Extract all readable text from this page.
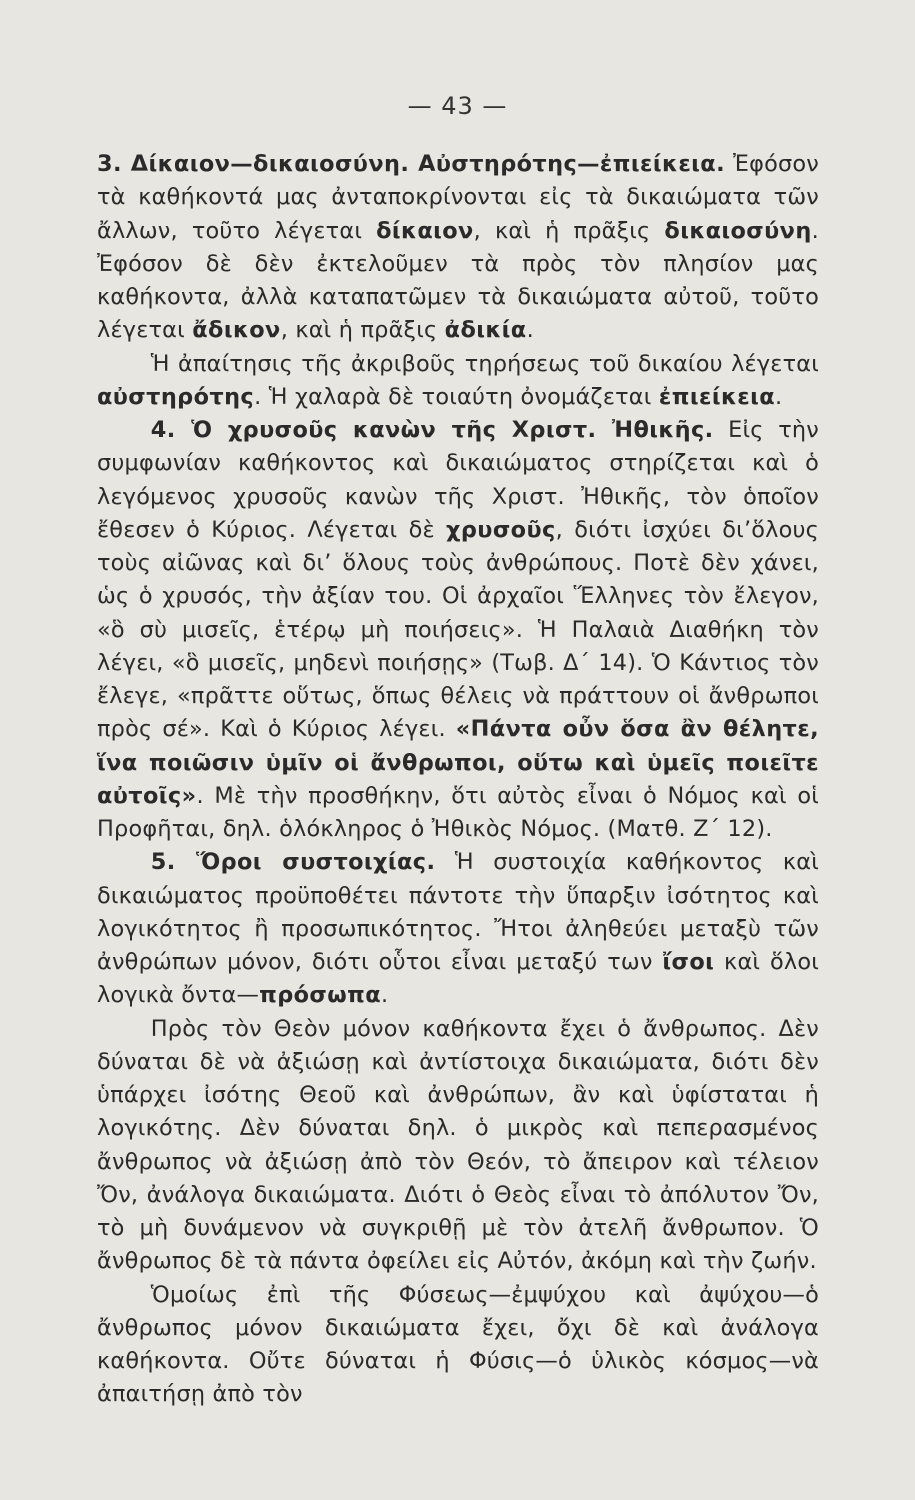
— 43 —

3. Δίκαιον—δικαιοσύνη. Αὐστηρότης—ἐπιείκεια. Ἐφόσον τὰ καθήκοντά μας ἀνταποκρίνονται εἰς τὰ δικαιώματα τῶν ἄλλων, τοῦτο λέγεται δίκαιον, καὶ ἡ πρᾶξις δικαιοσύνη. Ἐφόσον δὲ δὲν ἐκτελοῦμεν τὰ πρὸς τὸν πλησίον μας καθήκοντα, ἀλλὰ καταπατῶμεν τὰ δικαιώματα αὐτοῦ, τοῦτο λέγεται ἄδικον, καὶ ἡ πρᾶξις ἀδικία.

Ἡ ἀπαίτησις τῆς ἀκριβοῦς τηρήσεως τοῦ δικαίου λέγεται αὐστηρότης. Ἡ χαλαρὰ δὲ τοιαύτη ὀνομάζεται ἐπιείκεια.

4. Ὁ χρυσοῦς κανὼν τῆς Χριστ. Ἠθικῆς. Εἰς τὴν συμφωνίαν καθήκοντος καὶ δικαιώματος στηρίζεται καὶ ὁ λεγόμενος χρυσοῦς κανὼν τῆς Χριστ. Ἠθικῆς, τὸν ὁποῖον ἔθεσεν ὁ Κύριος. Λέγεται δὲ χρυσοῦς, διότι ἰσχύει δι’ὅλους τοὺς αἰῶνας καὶ δι’ ὅλους τοὺς ἀνθρώπους. Ποτὲ δὲν χάνει, ὡς ὁ χρυσός, τὴν ἀξίαν του. Οἱ ἀρχαῖοι Ἕλληνες τὸν ἔλεγον, «ὃ σὺ μισεῖς, ἑτέρῳ μὴ ποιήσεις». Ἡ Παλαιὰ Διαθήκη τὸν λέγει, «ὃ μισεῖς, μηδενὶ ποιήσῃς» (Τωβ. Δ΄ 14). Ὁ Κάντιος τὸν ἔλεγε, «πρᾶττε οὕτως, ὅπως θέλεις νὰ πράττουν οἱ ἄνθρωποι πρὸς σέ». Καὶ ὁ Κύριος λέγει. «Πάντα οὖν ὅσα ἂν θέλητε, ἵνα ποιῶσιν ὑμῖν οἱ ἄνθρωποι, οὕτω καὶ ὑμεῖς ποιεῖτε αὐτοῖς». Μὲ τὴν προσθήκην, ὅτι αὐτὸς εἶναι ὁ Νόμος καὶ οἱ Προφῆται, δηλ. ὁλόκληρος ὁ Ἠθικὸς Νόμος. (Ματθ. Ζ΄ 12).

5. Ὅροι συστοιχίας. Ἡ συστοιχία καθήκοντος καὶ δικαιώματος προϋποθέτει πάντοτε τὴν ὕπαρξιν ἰσότητος καὶ λογικότητος ἢ προσωπικότητος. Ἤτοι ἀληθεύει μεταξὺ τῶν ἀνθρώπων μόνον, διότι οὗτοι εἶναι μεταξύ των ἴσοι καὶ ὅλοι λογικὰ ὄντα—πρόσωπα.

Πρὸς τὸν Θεὸν μόνον καθήκοντα ἔχει ὁ ἄνθρωπος. Δὲν δύναται δὲ νὰ ἀξιώσῃ καὶ ἀντίστοιχα δικαιώματα, διότι δὲν ὑπάρχει ἰσότης Θεοῦ καὶ ἀνθρώπων, ἂν καὶ ὑφίσταται ἡ λογικότης. Δὲν δύναται δηλ. ὁ μικρὸς καὶ πεπερασμένος ἄνθρωπος νὰ ἀξιώσῃ ἀπὸ τὸν Θεόν, τὸ ἄπειρον καὶ τέλειον Ὄν, ἀνάλογα δικαιώματα. Διότι ὁ Θεὸς εἶναι τὸ ἀπόλυτον Ὄν, τὸ μὴ δυνάμενον νὰ συγκριθῇ μὲ τὸν ἀτελῆ ἄνθρωπον. Ὁ ἄνθρωπος δὲ τὰ πάντα ὀφείλει εἰς Αὐτόν, ἀκόμη καὶ τὴν ζωήν.

Ὁμοίως ἐπὶ τῆς Φύσεως—ἐμψύχου καὶ ἀψύχου—ὁ ἄνθρωπος μόνον δικαιώματα ἔχει, ὄχι δὲ καὶ ἀνάλογα καθήκοντα. Οὔτε δύναται ἡ Φύσις—ὁ ὑλικὸς κόσμος—νὰ ἀπαιτήσῃ ἀπὸ τὸν
